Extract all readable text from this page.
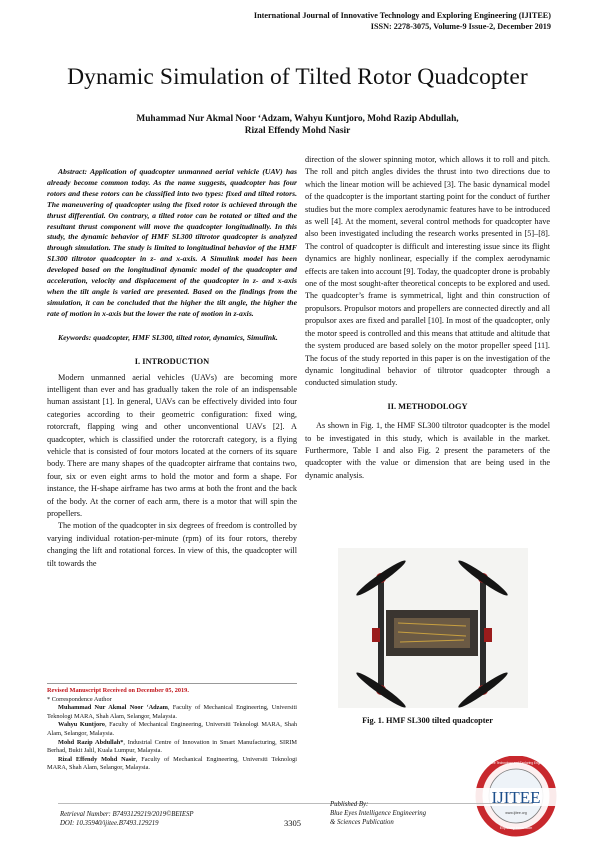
International Journal of Innovative Technology and Exploring Engineering (IJITEE)
ISSN: 2278-3075, Volume-9 Issue-2, December 2019
Dynamic Simulation of Tilted Rotor Quadcopter
Muhammad Nur Akmal Noor ‘Adzam, Wahyu Kuntjoro, Mohd Razip Abdullah,
Rizal Effendy Mohd Nasir

Abstract: Application of quadcopter unmanned aerial vehicle (UAV) has already become common today. As the name suggests, quadcopter has four rotors and these rotors can be classified into two types: fixed and tilted rotors. The maneuvering of quadcopter using the fixed rotor is achieved through the thrust differential. On contrary, a tilted rotor can be rotated or tilted and the resultant thrust component will move the quadcopter longitudinally. In this study, the dynamic behavior of HMF SL300 tiltrotor quadcopter is analyzed through simulation. The study is limited to longitudinal behavior of the HMF SL300 tiltrotor quadcopter in z- and x-axis. A Simulink model has been developed based on the longitudinal dynamic model of the quadcopter and acceleration, velocity and displacement of the quadcopter in z- and x-axis when the tilt angle is varied are presented. Based on the findings from the simulation, it can be concluded that the higher the tilt angle, the higher the rate of motion in x-axis but the lower the rate of motion in z-axis.

Keywords: quadcopter, HMF SL300, tilted rotor, dynamics, Simulink.

I. INTRODUCTION

Modern unmanned aerial vehicles (UAVs) are becoming more intelligent than ever and has gradually taken the role of an indispensable human assistant [1]. In general, UAVs can be effectively divided into four categories according to their geometric configuration: fixed wing, rotorcraft, flapping wing and other unconventional UAVs [2]. A quadcopter, which is classified under the rotorcraft category, is a flying vehicle that is consisted of four motors located at the corners of its square body. There are many shapes of the quadcopter airframe that contains two, four, six or even eight arms to hold the motor and form a shape. For instance, the H-shape airframe has two arms at both the front and the back of the body. At the corner of each arm, there is a motor that will spin the propellers.

The motion of the quadcopter in six degrees of freedom is controlled by varying individual rotation-per-minute (rpm) of its four rotors, thereby changing the lift and rotational forces. In view of this, the quadcopter will tilt towards the

Revised Manuscript Received on December 05, 2019.

* Correspondence Author

Muhammad Nur Akmal Noor ‘Adzam, Faculty of Mechanical Engineering, Universiti Teknologi MARA, Shah Alam, Selangor, Malaysia.

Wahyu Kuntjoro, Faculty of Mechanical Engineering, Universiti Teknologi MARA, Shah Alam, Selangor, Malaysia.

Mohd Razip Abdullah*, Industrial Centre of Innovation in Smart Manufacturing, SIRIM Berhad, Bukit Jalil, Kuala Lumpur, Malaysia.

Rizal Effendy Mohd Nasir, Faculty of Mechanical Engineering, Universiti Teknologi MARA, Shah Alam, Selangor, Malaysia.

direction of the slower spinning motor, which allows it to roll and pitch. The roll and pitch angles divides the thrust into two directions due to which the linear motion will be achieved [3]. The basic dynamical model of the quadcopter is the important starting point for the conduct of further studies but the more complex aerodynamic features have to be introduced as well [4]. At the moment, several control methods for quadcopter have also been investigated including the research works presented in [5]–[8]. The control of quadcopter is difficult and interesting issue since its flight dynamics are highly nonlinear, especially if the complex aerodynamic effects are taken into account [9]. Today, the quadcopter drone is probably one of the most sought-after theoretical concepts to be explored and used. The quadcopter’s frame is symmetrical, light and thin construction of propulsors. Propulsor motors and propellers are connected directly and all propulsor axes are fixed and parallel [10]. In most of the quadcopter, only the motor speed is controlled and this means that attitude and altitude that the system produced are based solely on the motor propeller speed [11]. The focus of the study reported in this paper is on the investigation of the dynamic longitudinal behavior of tiltrotor quadcopter through a conducted simulation study.

II. METHODOLOGY

As shown in Fig. 1, the HMF SL300 tiltrotor quadcopter is the model to be investigated in this study, which is available in the market. Furthermore, Table I and also Fig. 2 present the parameters of the quadcopter with the value or dimension that are being used in the dynamic analysis.

Fig. 1. HMF SL300 tilted quadcopter
IJITEE
www.ijitee.org
Exploring Innovation
Innovative Technology and Exploring Engineering
Retrieval Number: B7493129219/2019©BEIESP
DOI: 10.35940/ijitee.B7493.129219	3305
Published By:
Blue Eyes Intelligence Engineering
& Sciences Publication
